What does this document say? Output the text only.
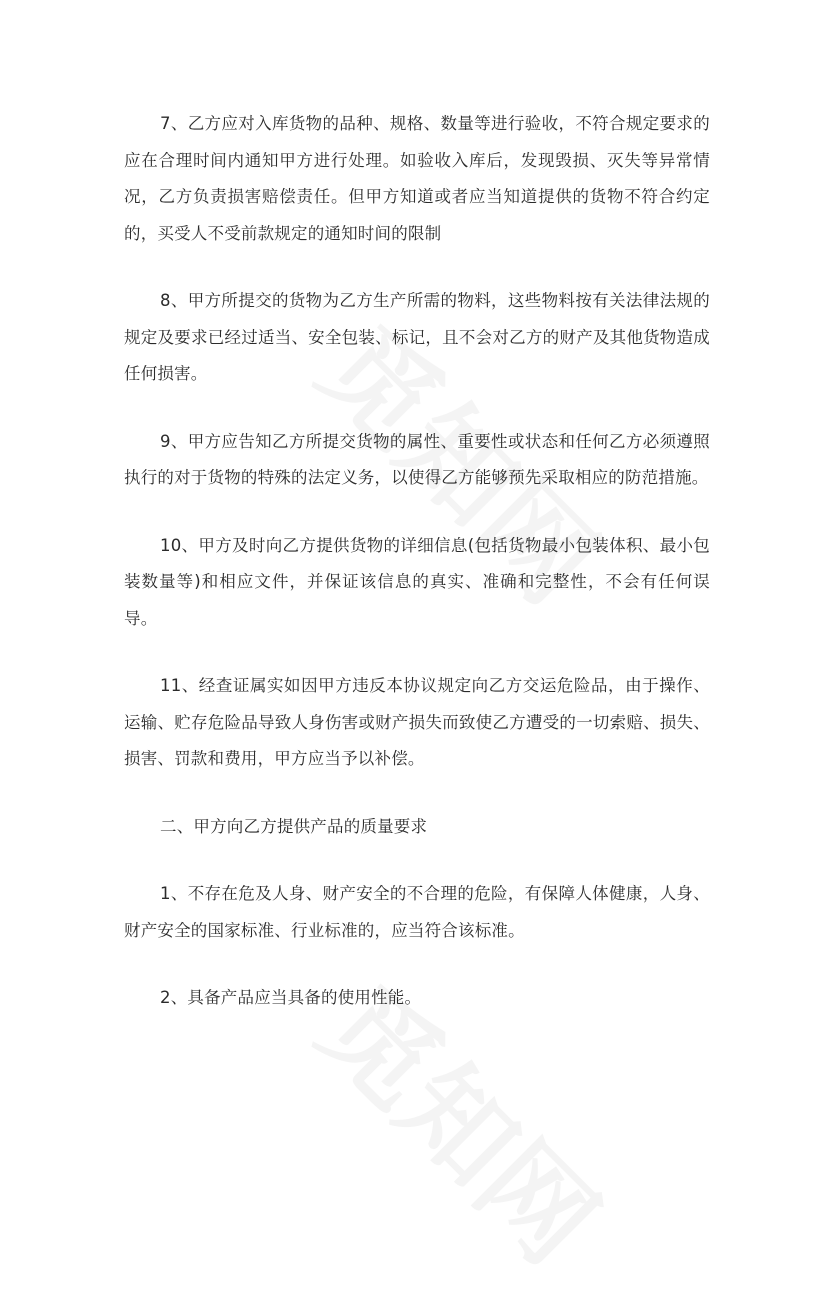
7、乙方应对入库货物的品种、规格、数量等进行验收，不符合规定要求的应在合理时间内通知甲方进行处理。如验收入库后，发现毁损、灭失等异常情况，乙方负责损害赔偿责任。但甲方知道或者应当知道提供的货物不符合约定的，买受人不受前款规定的通知时间的限制

8、甲方所提交的货物为乙方生产所需的物料，这些物料按有关法律法规的规定及要求已经过适当、安全包装、标记，且不会对乙方的财产及其他货物造成任何损害。

9、甲方应告知乙方所提交货物的属性、重要性或状态和任何乙方必须遵照执行的对于货物的特殊的法定义务，以使得乙方能够预先采取相应的防范措施。

10、甲方及时向乙方提供货物的详细信息(包括货物最小包装体积、最小包装数量等)和相应文件，并保证该信息的真实、准确和完整性，不会有任何误导。

11、经查证属实如因甲方违反本协议规定向乙方交运危险品，由于操作、运输、贮存危险品导致人身伤害或财产损失而致使乙方遭受的一切索赔、损失、损害、罚款和费用，甲方应当予以补偿。

二、甲方向乙方提供产品的质量要求

1、不存在危及人身、财产安全的不合理的危险，有保障人体健康，人身、财产安全的国家标准、行业标准的，应当符合该标准。

2、具备产品应当具备的使用性能。
